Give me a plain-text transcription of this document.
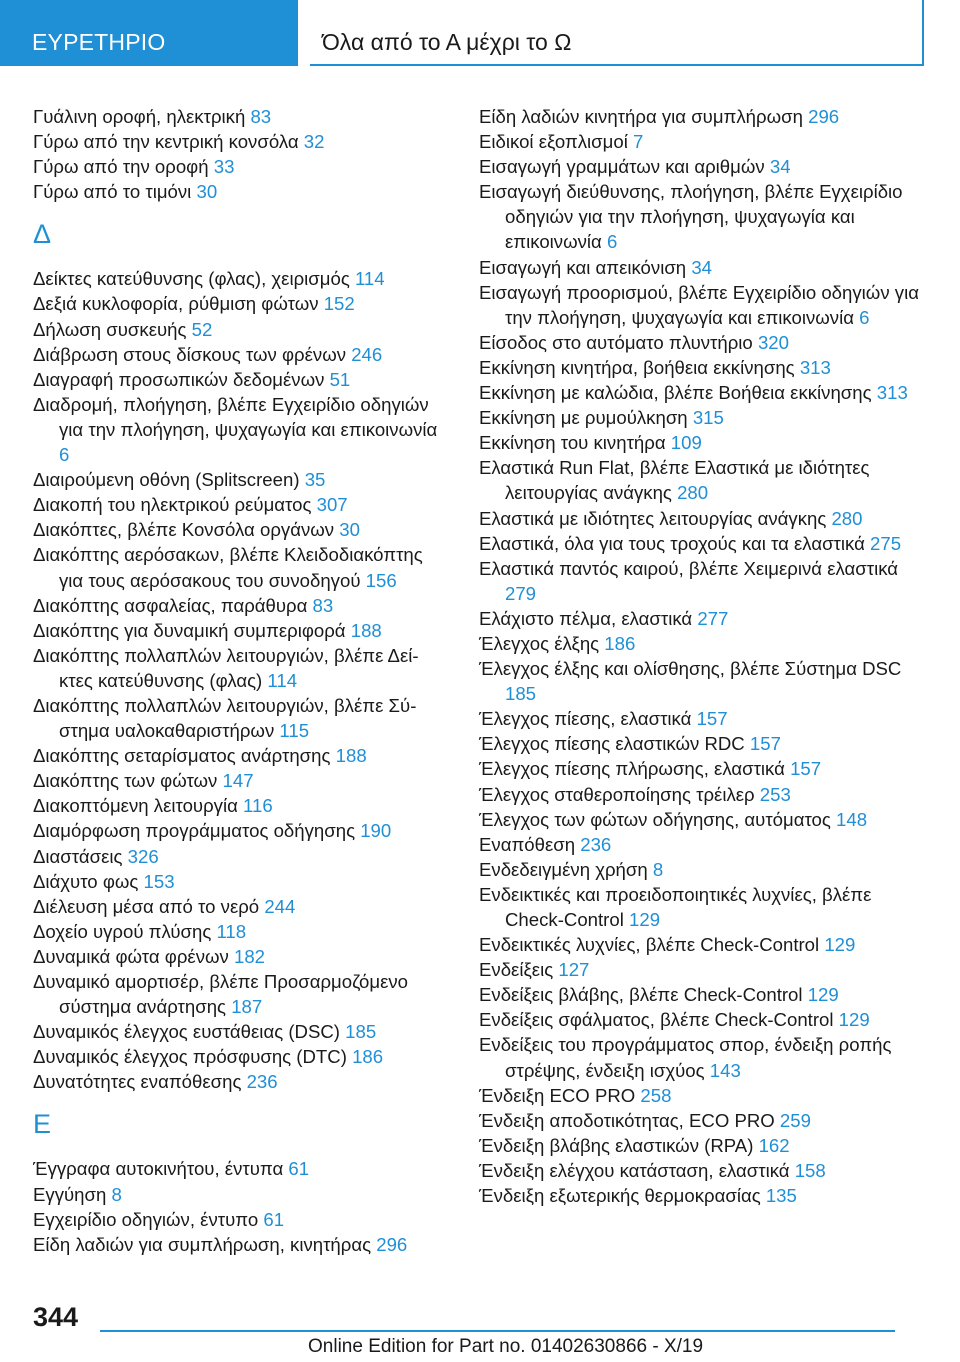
ΕΥΡΕΤΗΡΙΟ	Όλα από το Α μέχρι το Ω
Γυάλινη οροφή, ηλεκτρική 83
Γύρω από την κεντρική κονσόλα 32
Γύρω από την οροφή 33
Γύρω από το τιμόνι 30
Δ
Δείκτες κατεύθυνσης (φλας), χειρισμός 114
Δεξιά κυκλοφορία, ρύθμιση φώτων 152
Δήλωση συσκευής 52
Διάβρωση στους δίσκους των φρένων 246
Διαγραφή προσωπικών δεδομένων 51
Διαδρομή, πλοήγηση, βλέπε Εγχειρίδιο οδηγιών για την πλοήγηση, ψυχαγωγία και επικοινωνία 6
Διαιρούμενη οθόνη (Splitscreen) 35
Διακοπή του ηλεκτρικού ρεύματος 307
Διακόπτες, βλέπε Κονσόλα οργάνων 30
Διακόπτης αερόσακων, βλέπε Κλειδοδιακόπτης για τους αερόσακους του συνοδηγού 156
Διακόπτης ασφαλείας, παράθυρα 83
Διακόπτης για δυναμική συμπεριφορά 188
Διακόπτης πολλαπλών λειτουργιών, βλέπε Δείκτες κατεύθυνσης (φλας) 114
Διακόπτης πολλαπλών λειτουργιών, βλέπε Σύστημα υαλοκαθαριστήρων 115
Διακόπτης σεταρίσματος ανάρτησης 188
Διακόπτης των φώτων 147
Διακοπτόμενη λειτουργία 116
Διαμόρφωση προγράμματος οδήγησης 190
Διαστάσεις 326
Διάχυτο φως 153
Διέλευση μέσα από το νερό 244
Δοχείο υγρού πλύσης 118
Δυναμικά φώτα φρένων 182
Δυναμικό αμορτισέρ, βλέπε Προσαρμοζόμενο σύστημα ανάρτησης 187
Δυναμικός έλεγχος ευστάθειας (DSC) 185
Δυναμικός έλεγχος πρόσφυσης (DTC) 186
Δυνατότητες εναπόθεσης 236
Ε
Έγγραφα αυτοκινήτου, έντυπα 61
Εγγύηση 8
Εγχειρίδιο οδηγιών, έντυπο 61
Είδη λαδιών για συμπλήρωση, κινητήρας 296
Είδη λαδιών κινητήρα για συμπλήρωση 296
Ειδικοί εξοπλισμοί 7
Εισαγωγή γραμμάτων και αριθμών 34
Εισαγωγή διεύθυνσης, πλοήγηση, βλέπε Εγχειρίδιο οδηγιών για την πλοήγηση, ψυχαγωγία και επικοινωνία 6
Εισαγωγή και απεικόνιση 34
Εισαγωγή προορισμού, βλέπε Εγχειρίδιο οδηγιών για την πλοήγηση, ψυχαγωγία και επικοινωνία 6
Είσοδος στο αυτόματο πλυντήριο 320
Εκκίνηση κινητήρα, βοήθεια εκκίνησης 313
Εκκίνηση με καλώδια, βλέπε Βοήθεια εκκίνησης 313
Εκκίνηση με ρυμούλκηση 315
Εκκίνηση του κινητήρα 109
Ελαστικά Run Flat, βλέπε Ελαστικά με ιδιότητες λειτουργίας ανάγκης 280
Ελαστικά με ιδιότητες λειτουργίας ανάγκης 280
Ελαστικά, όλα για τους τροχούς και τα ελαστικά 275
Ελαστικά παντός καιρού, βλέπε Χειμερινά ελαστικά 279
Ελάχιστο πέλμα, ελαστικά 277
Έλεγχος έλξης 186
Έλεγχος έλξης και ολίσθησης, βλέπε Σύστημα DSC 185
Έλεγχος πίεσης, ελαστικά 157
Έλεγχος πίεσης ελαστικών RDC 157
Έλεγχος πίεσης πλήρωσης, ελαστικά 157
Έλεγχος σταθεροποίησης τρέιλερ 253
Έλεγχος των φώτων οδήγησης, αυτόματος 148
Εναπόθεση 236
Ενδεδειγμένη χρήση 8
Ενδεικτικές και προειδοποιητικές λυχνίες, βλέπε Check-Control 129
Ενδεικτικές λυχνίες, βλέπε Check-Control 129
Ενδείξεις 127
Ενδείξεις βλάβης, βλέπε Check-Control 129
Ενδείξεις σφάλματος, βλέπε Check-Control 129
Ενδείξεις του προγράμματος σπορ, ένδειξη ροπής στρέψης, ένδειξη ισχύος 143
Ένδειξη ECO PRO 258
Ένδειξη αποδοτικότητας, ECO PRO 259
Ένδειξη βλάβης ελαστικών (RPA) 162
Ένδειξη ελέγχου κατάσταση, ελαστικά 158
Ένδειξη εξωτερικής θερμοκρασίας 135
344
Online Edition for Part no. 01402630866 - X/19
